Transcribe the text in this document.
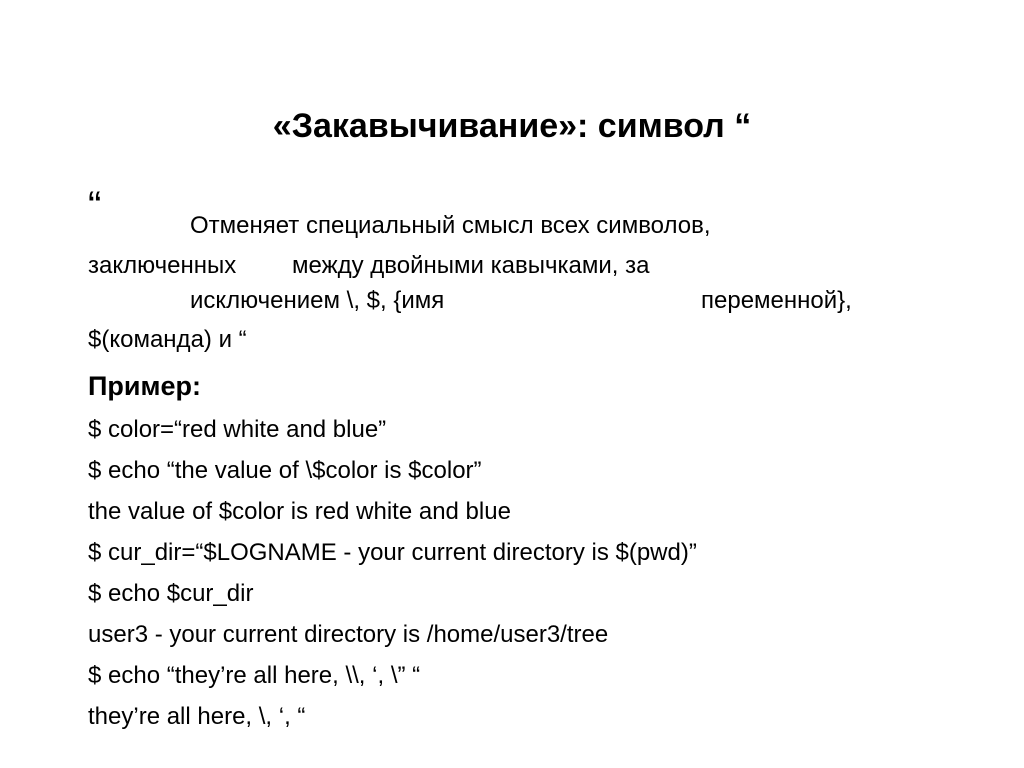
«Закавычивание»: символ “
“	Отменяет специальный смысл всех символов,
заключенных между двойными кавычками, за
исключением \, $, {имя	переменной},
$(команда) и “
Пример:
$ color=“red white and blue”
$ echo “the value of \$color is $color”
the value of $color is red white and blue
$ cur_dir=“$LOGNAME - your current directory is $(pwd)”
$ echo $cur_dir
user3 - your current directory is /home/user3/tree
$ echo “they’re all here, \\, ‘, \” “
they’re all here, \, ‘, “
